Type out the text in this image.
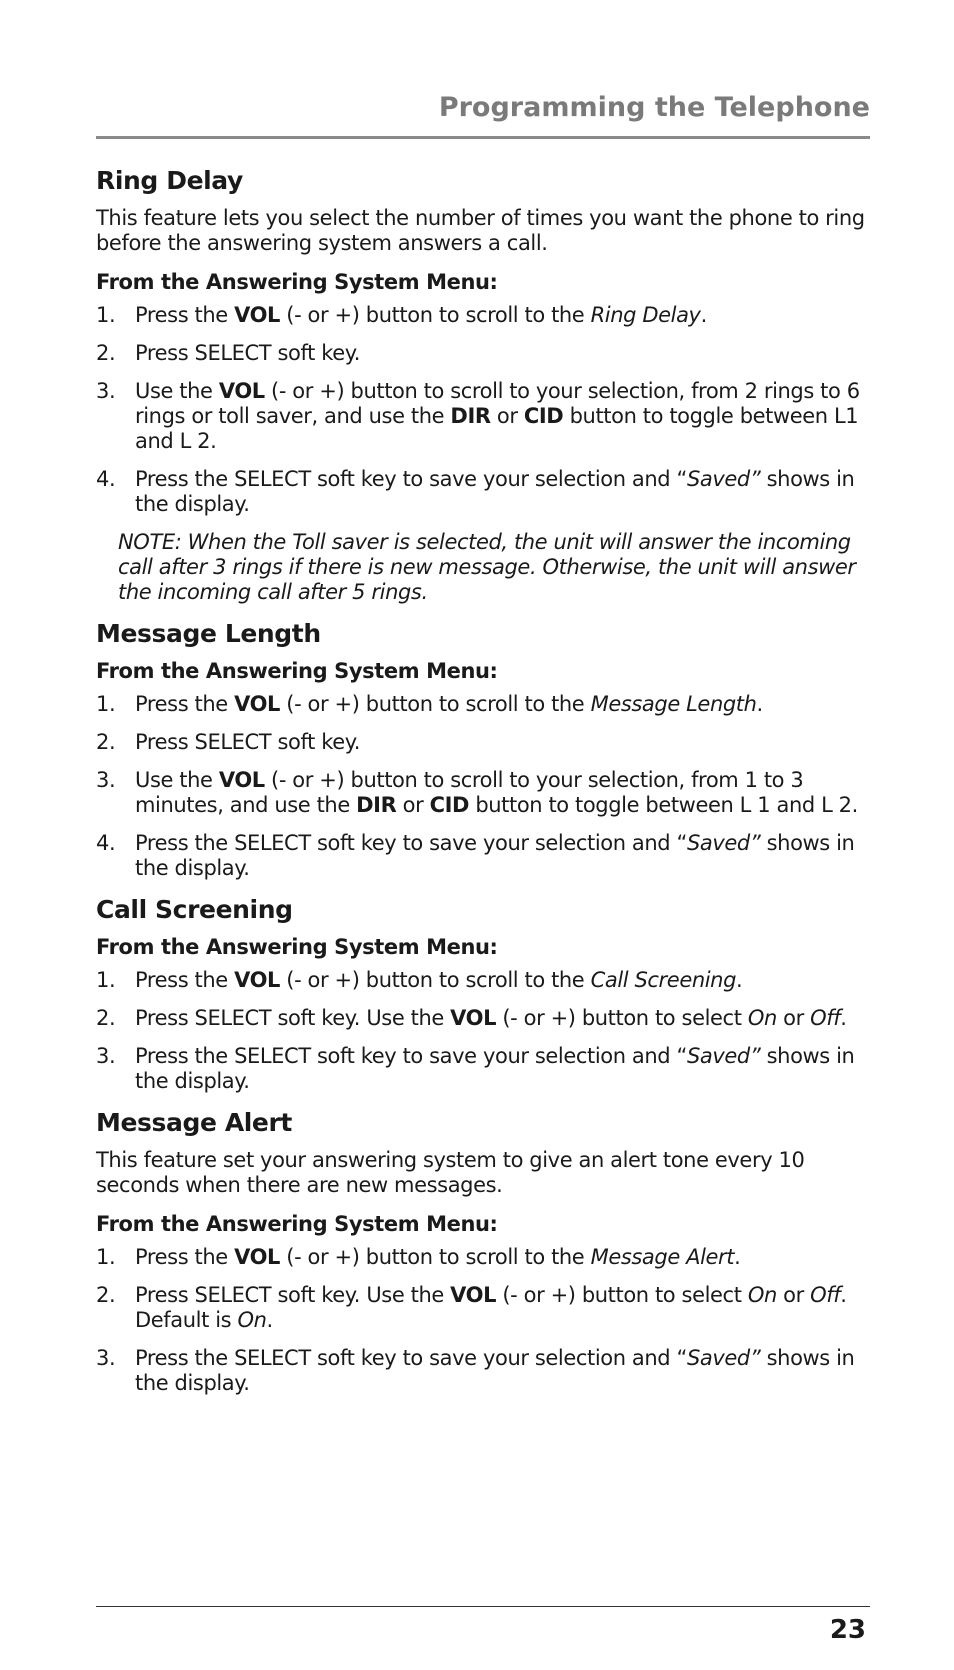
Programming the Telephone
Ring Delay
This feature lets you select the number of times you want the phone to ring before the answering system answers a call.
From the Answering System Menu:
1. Press the VOL (- or +) button to scroll to the Ring Delay.
2. Press SELECT soft key.
3. Use the VOL (- or +) button to scroll to your selection, from 2 rings to 6 rings or toll saver, and use the DIR or CID button to toggle between L1 and L 2.
4. Press the SELECT soft key to save your selection and “Saved” shows in the display.
NOTE: When the Toll saver is selected, the unit will answer the incoming call after 3 rings if there is new message. Otherwise, the unit will answer the incoming call after 5 rings.
Message Length
From the Answering System Menu:
1. Press the VOL (- or +) button to scroll to the Message Length.
2. Press SELECT soft key.
3. Use the VOL (- or +) button to scroll to your selection, from 1 to 3 minutes, and use the DIR or CID button to toggle between L 1 and L 2.
4. Press the SELECT soft key to save your selection and “Saved” shows in the display.
Call Screening
From the Answering System Menu:
1. Press the VOL (- or +) button to scroll to the Call Screening.
2. Press SELECT soft key. Use the VOL (- or +) button to select On or Off.
3. Press the SELECT soft key to save your selection and “Saved” shows in the display.
Message Alert
This feature set your answering system to give an alert tone every 10 seconds when there are new messages.
From the Answering System Menu:
1. Press the VOL (- or +) button to scroll to the Message Alert.
2. Press SELECT soft key. Use the VOL (- or +) button to select On or Off. Default is On.
3. Press the SELECT soft key to save your selection and “Saved” shows in the display.
23
